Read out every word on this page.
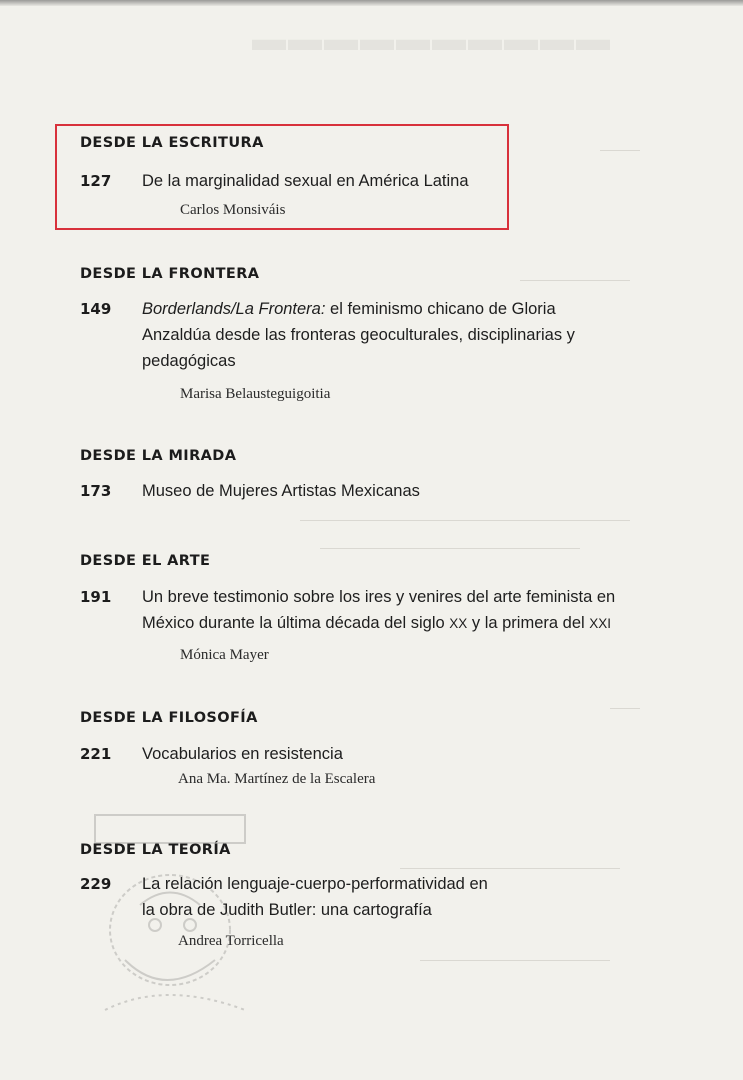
▬▬▬▬▬▬▬▬▬▬
DESDE LA ESCRITURA
127	De la marginalidad sexual en América Latina
Carlos Monsiváis
DESDE LA FRONTERA
149	Borderlands/La Frontera: el feminismo chicano de Gloria Anzaldúa desde las fronteras geoculturales, disciplinarias y pedagógicas
Marisa Belausteguigoitia
DESDE LA MIRADA
173	Museo de Mujeres Artistas Mexicanas
DESDE EL ARTE
191	Un breve testimonio sobre los ires y venires del arte feminista en México durante la última década del siglo XX y la primera del XXI
Mónica Mayer
DESDE LA FILOSOFÍA
221	Vocabularios en resistencia
Ana Ma. Martínez de la Escalera
DESDE LA TEORÍA
229	La relación lenguaje-cuerpo-performatividad en la obra de Judith Butler: una cartografía
Andrea Torricella
